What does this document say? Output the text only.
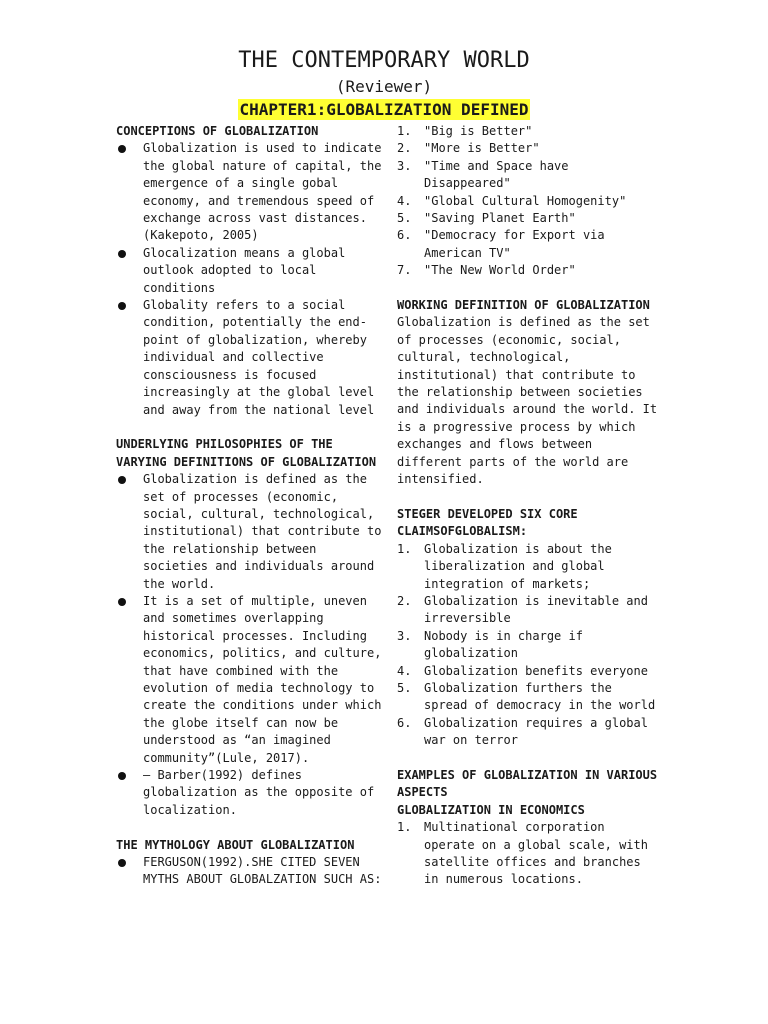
THE CONTEMPORARY WORLD
(Reviewer)
CHAPTER1:GLOBALIZATION DEFINED
CONCEPTIONS OF GLOBALIZATION
Globalization is used to indicate the global nature of capital, the emergence of a single gobal economy, and tremendous speed of exchange across vast distances. (Kakepoto, 2005)
Glocalization means a global outlook adopted to local conditions
Globality refers to a social condition, potentially the end-point of globalization, whereby individual and collective consciousness is focused increasingly at the global level and away from the national level
UNDERLYING PHILOSOPHIES OF THE VARYING DEFINITIONS OF GLOBALIZATION
Globalization is defined as the set of processes (economic, social, cultural, technological, institutional) that contribute to the relationship between societies and individuals around the world.
It is a set of multiple, uneven and sometimes overlapping historical processes. Including economics, politics, and culture, that have combined with the evolution of media technology to create the conditions under which the globe itself can now be understood as “an imagined community”(Lule, 2017).
– Barber(1992) defines globalization as the opposite of localization.
THE MYTHOLOGY ABOUT GLOBALIZATION
FERGUSON(1992).SHE CITED SEVEN MYTHS ABOUT GLOBALZATION SUCH AS:
1. "Big is Better"
2. "More is Better"
3. "Time and Space have Disappeared"
4. "Global Cultural Homogenity"
5. "Saving Planet Earth"
6. "Democracy for Export via American TV"
7. "The New World Order"
WORKING DEFINITION OF GLOBALIZATION
Globalization is defined as the set of processes (economic, social, cultural, technological, institutional) that contribute to the relationship between societies and individuals around the world. It is a progressive process by which exchanges and flows between different parts of the world are intensified.
STEGER DEVELOPED SIX CORE CLAIMSOFGLOBALISM:
1. Globalization is about the liberalization and global integration of markets;
2. Globalization is inevitable and irreversible
3. Nobody is in charge if globalization
4. Globalization benefits everyone
5. Globalization furthers the spread of democracy in the world
6. Globalization requires a global war on terror
EXAMPLES OF GLOBALIZATION IN VARIOUS ASPECTS
GLOBALIZATION IN ECONOMICS
1. Multinational corporation operate on a global scale, with satellite offices and branches in numerous locations.
